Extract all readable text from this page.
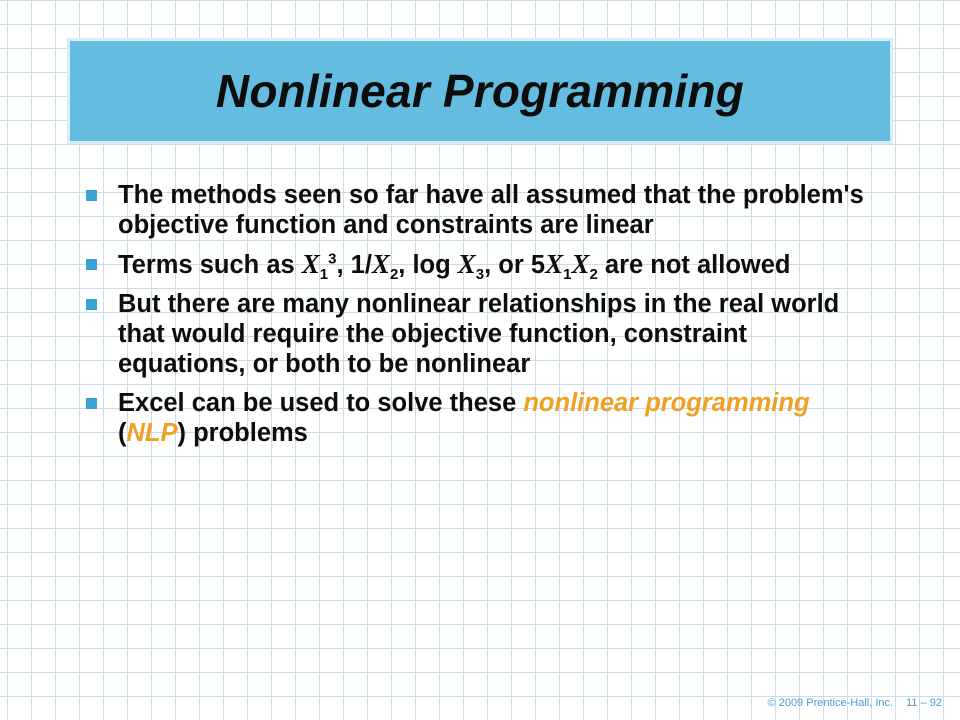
Nonlinear Programming
The methods seen so far have all assumed that the problem's objective function and constraints are linear
Terms such as $X_1^3$, $1/X_2$, $\log X_3$, or $5X_1X_2$ are not allowed
But there are many nonlinear relationships in the real world that would require the objective function, constraint equations, or both to be nonlinear
Excel can be used to solve these nonlinear programming (NLP) problems
© 2009 Prentice-Hall, Inc. 11 – 92
